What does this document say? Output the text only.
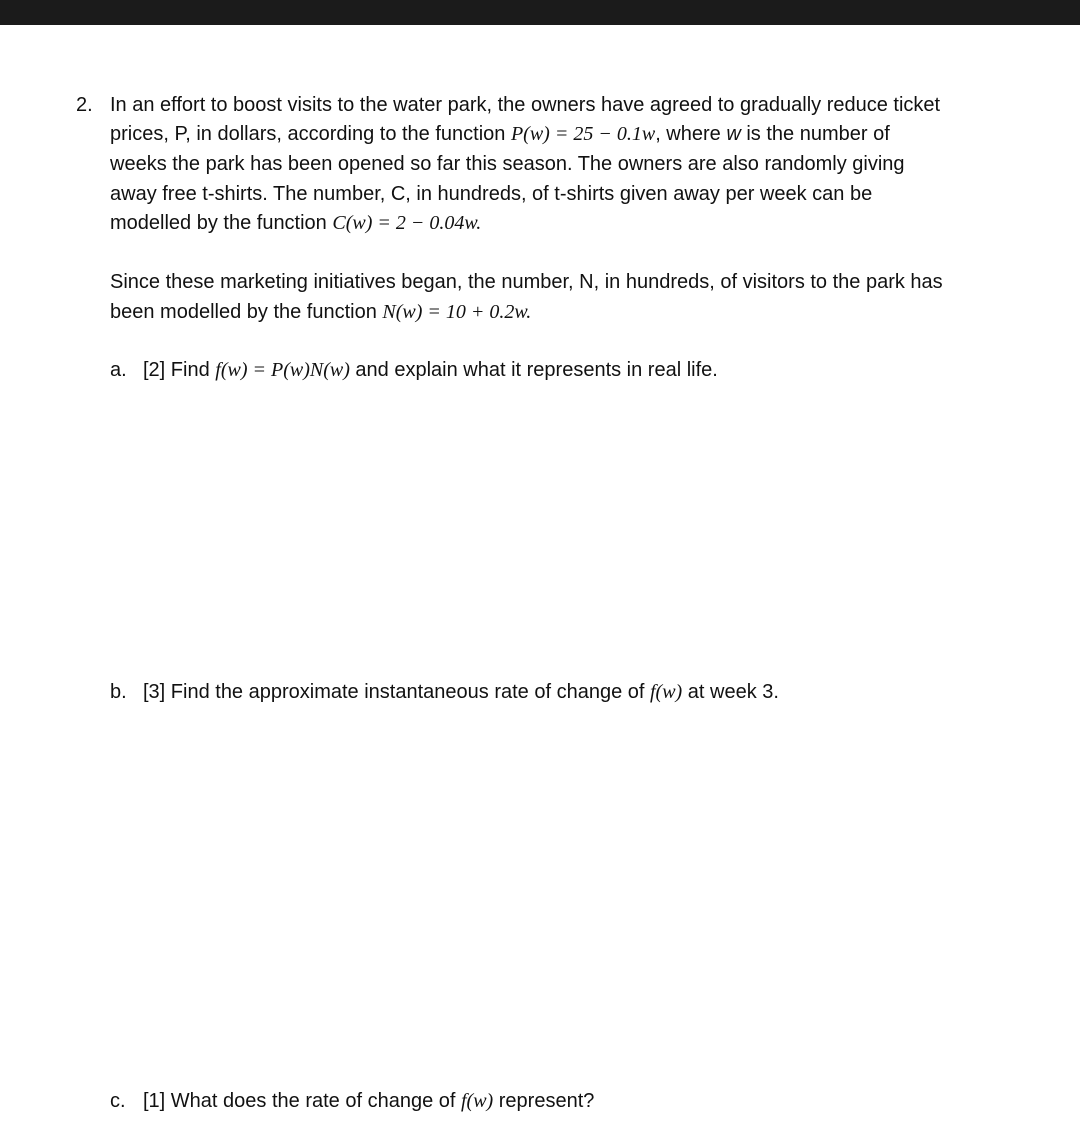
2. In an effort to boost visits to the water park, the owners have agreed to gradually reduce ticket
prices, P, in dollars, according to the function P(w) = 25 − 0.1w, where w is the number of
weeks the park has been opened so far this season. The owners are also randomly giving
away free t-shirts. The number, C, in hundreds, of t-shirts given away per week can be
modelled by the function C(w) = 2 − 0.04w.
Since these marketing initiatives began, the number, N, in hundreds, of visitors to the park has
been modelled by the function N(w) = 10 + 0.2w.
a. [2] Find f(w) = P(w)N(w) and explain what it represents in real life.
b. [3] Find the approximate instantaneous rate of change of f(w) at week 3.
c. [1] What does the rate of change of f(w) represent?
